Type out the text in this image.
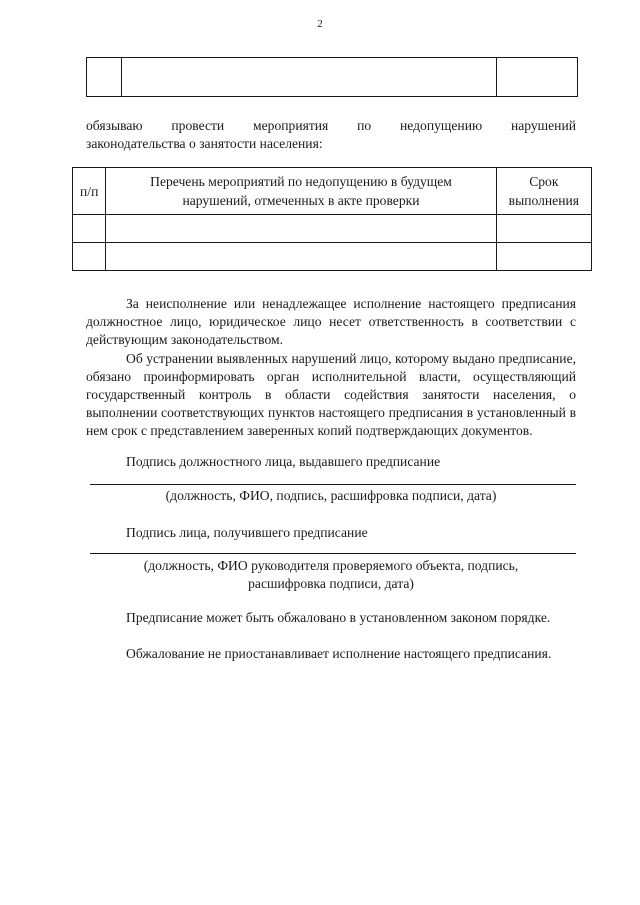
2

обязываю провести мероприятия по недопущению нарушений
законодательства о занятости населения:
п/п	Перечень мероприятий по недопущению в будущем нарушений, отмеченных в акте проверки	Срок выполнения

За неисполнение или ненадлежащее исполнение настоящего предписания должностное лицо, юридическое лицо несет ответственность в соответствии с действующим законодательством.
Об устранении выявленных нарушений лицо, которому выдано предписание, обязано проинформировать орган исполнительной власти, осуществляющий государственный контроль в области содействия занятости населения, о выполнении соответствующих пунктов настоящего предписания в установленный в нем срок с представлением заверенных копий подтверждающих документов.
Подпись должностного лица, выдавшего предписание
(должность, ФИО, подпись, расшифровка подписи, дата)
Подпись лица, получившего предписание
(должность, ФИО руководителя проверяемого объекта, подпись,
расшифровка подписи, дата)
Предписание может быть обжаловано в установленном законом порядке.
Обжалование не приостанавливает исполнение настоящего предписания.
